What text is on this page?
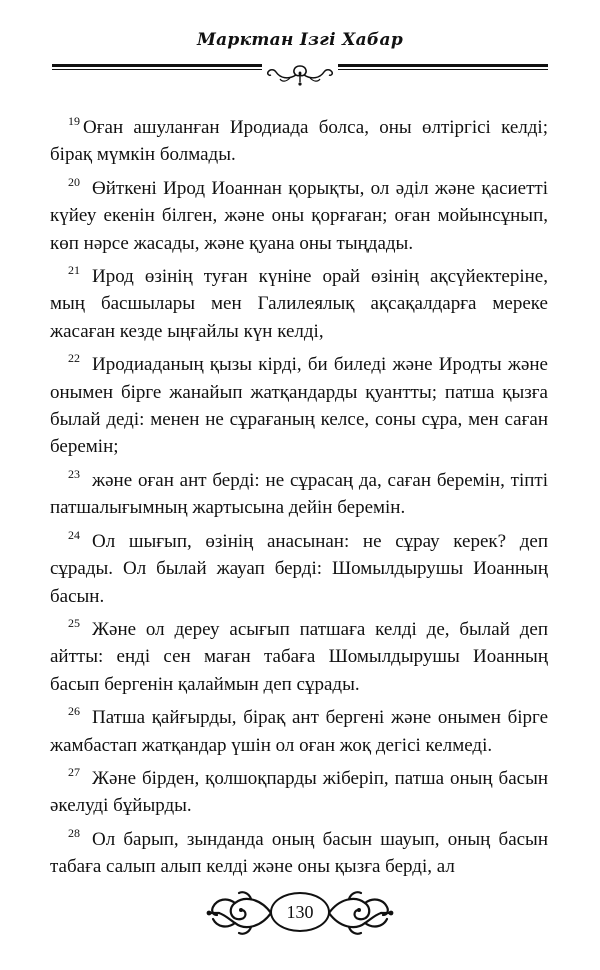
Марктан Ізгі Хабар

$^{19}$ Оған ашуланған Иродиада болса, оны өлтіргісі келді; бірақ мүмкін болмады.

$^{20}$ Өйткені Ирод Иоаннан қорықты, ол әділ және қасиетті күйеу екенін білген, және оны қорғаған; оған мойынсұнып, көп нәрсе жасады, және қуана оны тыңдады.

$^{21}$ Ирод өзінің туған күніне орай өзінің ақсүйектеріне, мың басшылары мен Галилеялық ақсақалдарға мереке жасаған кезде ыңғайлы күн келді,

$^{22}$ Иродиаданың қызы кірді, би биледі және Иродты және онымен бірге жанайып жатқандарды қуантты; патша қызға былай деді: менен не сұрағаның келсе, соны сұра, мен саған беремін;

$^{23}$ және оған ант берді: не сұрасаң да, саған беремін, тіпті патшалығымның жартысына дейін беремін.

$^{24}$ Ол шығып, өзінің анасынан: не сұрау керек? деп сұрады. Ол былай жауап берді: Шомылдырушы Иоанның басын.

$^{25}$ Және ол дереу асығып патшаға келді де, былай деп айтты: енді сен маған табаға Шомылдырушы Иоанның басып бергенін қалаймын деп сұрады.

$^{26}$ Патша қайғырды, бірақ ант бергені және онымен бірге жамбастап жатқандар үшін ол оған жоқ дегісі келмеді.

$^{27}$ Және бірден, қолшоқпарды жіберіп, патша оның басын әкелуді бұйырды.

$^{28}$ Ол барып, зынданда оның басын шауып, оның басын табаға салып алып келді және оны қызға берді, ал

130
